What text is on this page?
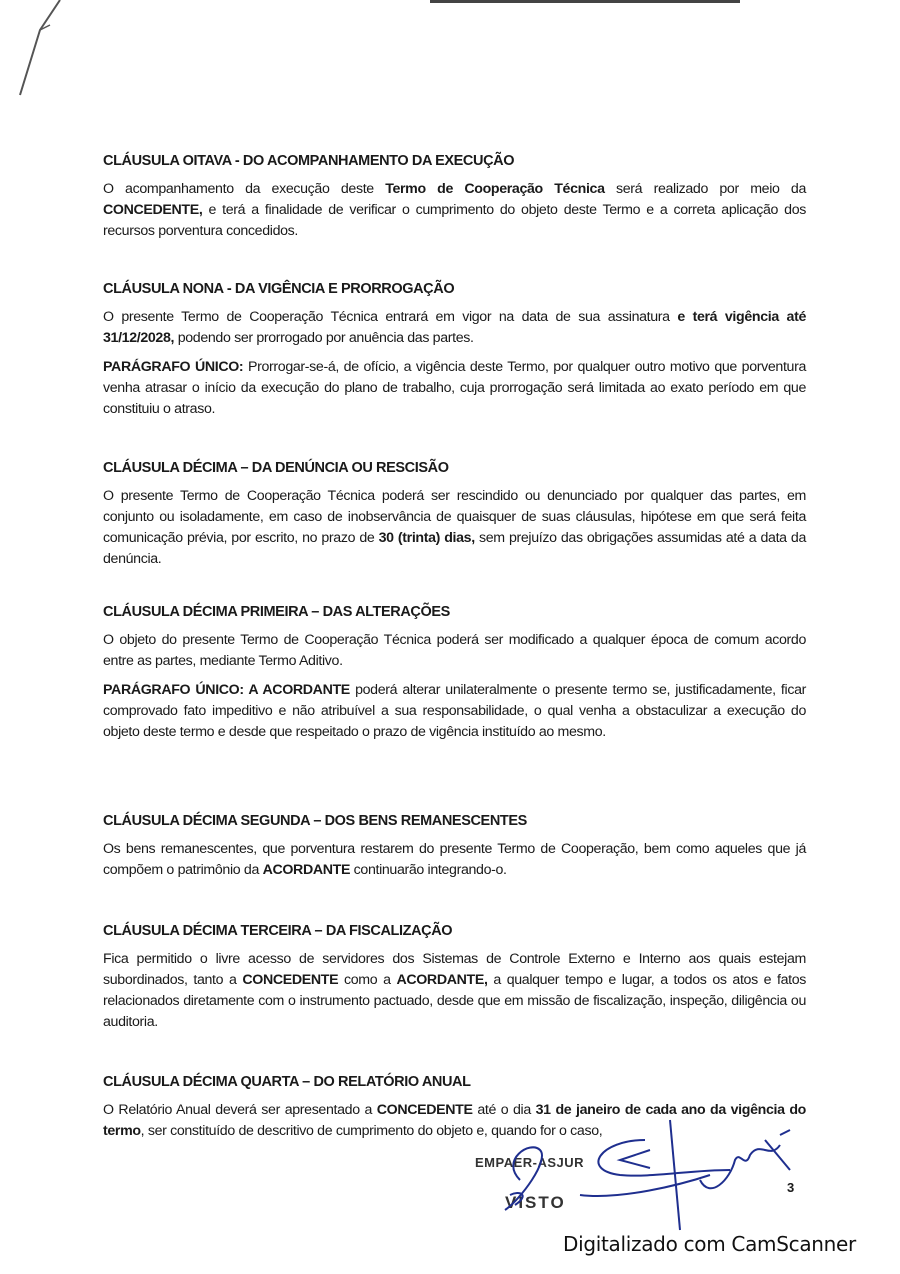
CLÁUSULA OITAVA - DO ACOMPANHAMENTO DA EXECUÇÃO

O acompanhamento da execução deste Termo de Cooperação Técnica será realizado por meio da CONCEDENTE, e terá a finalidade de verificar o cumprimento do objeto deste Termo e a correta aplicação dos recursos porventura concedidos.

CLÁUSULA NONA - DA VIGÊNCIA E PRORROGAÇÃO

O presente Termo de Cooperação Técnica entrará em vigor na data de sua assinatura e terá vigência até 31/12/2028, podendo ser prorrogado por anuência das partes.

PARÁGRAFO ÚNICO: Prorrogar-se-á, de ofício, a vigência deste Termo, por qualquer outro motivo que porventura venha atrasar o início da execução do plano de trabalho, cuja prorrogação será limitada ao exato período em que constituiu o atraso.

CLÁUSULA DÉCIMA – DA DENÚNCIA OU RESCISÃO

O presente Termo de Cooperação Técnica poderá ser rescindido ou denunciado por qualquer das partes, em conjunto ou isoladamente, em caso de inobservância de quaisquer de suas cláusulas, hipótese em que será feita comunicação prévia, por escrito, no prazo de 30 (trinta) dias, sem prejuízo das obrigações assumidas até a data da denúncia.

CLÁUSULA DÉCIMA PRIMEIRA – DAS ALTERAÇÕES

O objeto do presente Termo de Cooperação Técnica poderá ser modificado a qualquer época de comum acordo entre as partes, mediante Termo Aditivo.

PARÁGRAFO ÚNICO: A ACORDANTE poderá alterar unilateralmente o presente termo se, justificadamente, ficar comprovado fato impeditivo e não atribuível a sua responsabilidade, o qual venha a obstaculizar a execução do objeto deste termo e desde que respeitado o prazo de vigência instituído ao mesmo.

CLÁUSULA DÉCIMA SEGUNDA – DOS BENS REMANESCENTES

Os bens remanescentes, que porventura restarem do presente Termo de Cooperação, bem como aqueles que já compõem o patrimônio da ACORDANTE continuarão integrando-o.

CLÁUSULA DÉCIMA TERCEIRA – DA FISCALIZAÇÃO

Fica permitido o livre acesso de servidores dos Sistemas de Controle Externo e Interno aos quais estejam subordinados, tanto a CONCEDENTE como a ACORDANTE, a qualquer tempo e lugar, a todos os atos e fatos relacionados diretamente com o instrumento pactuado, desde que em missão de fiscalização, inspeção, diligência ou auditoria.

CLÁUSULA DÉCIMA QUARTA – DO RELATÓRIO ANUAL

O Relatório Anual deverá ser apresentado a CONCEDENTE até o dia 31 de janeiro de cada ano da vigência do termo, ser constituído de descritivo de cumprimento do objeto e, quando for o caso,

EMPAER-ASJUR
VISTO
3
Digitalizado com CamScanner
